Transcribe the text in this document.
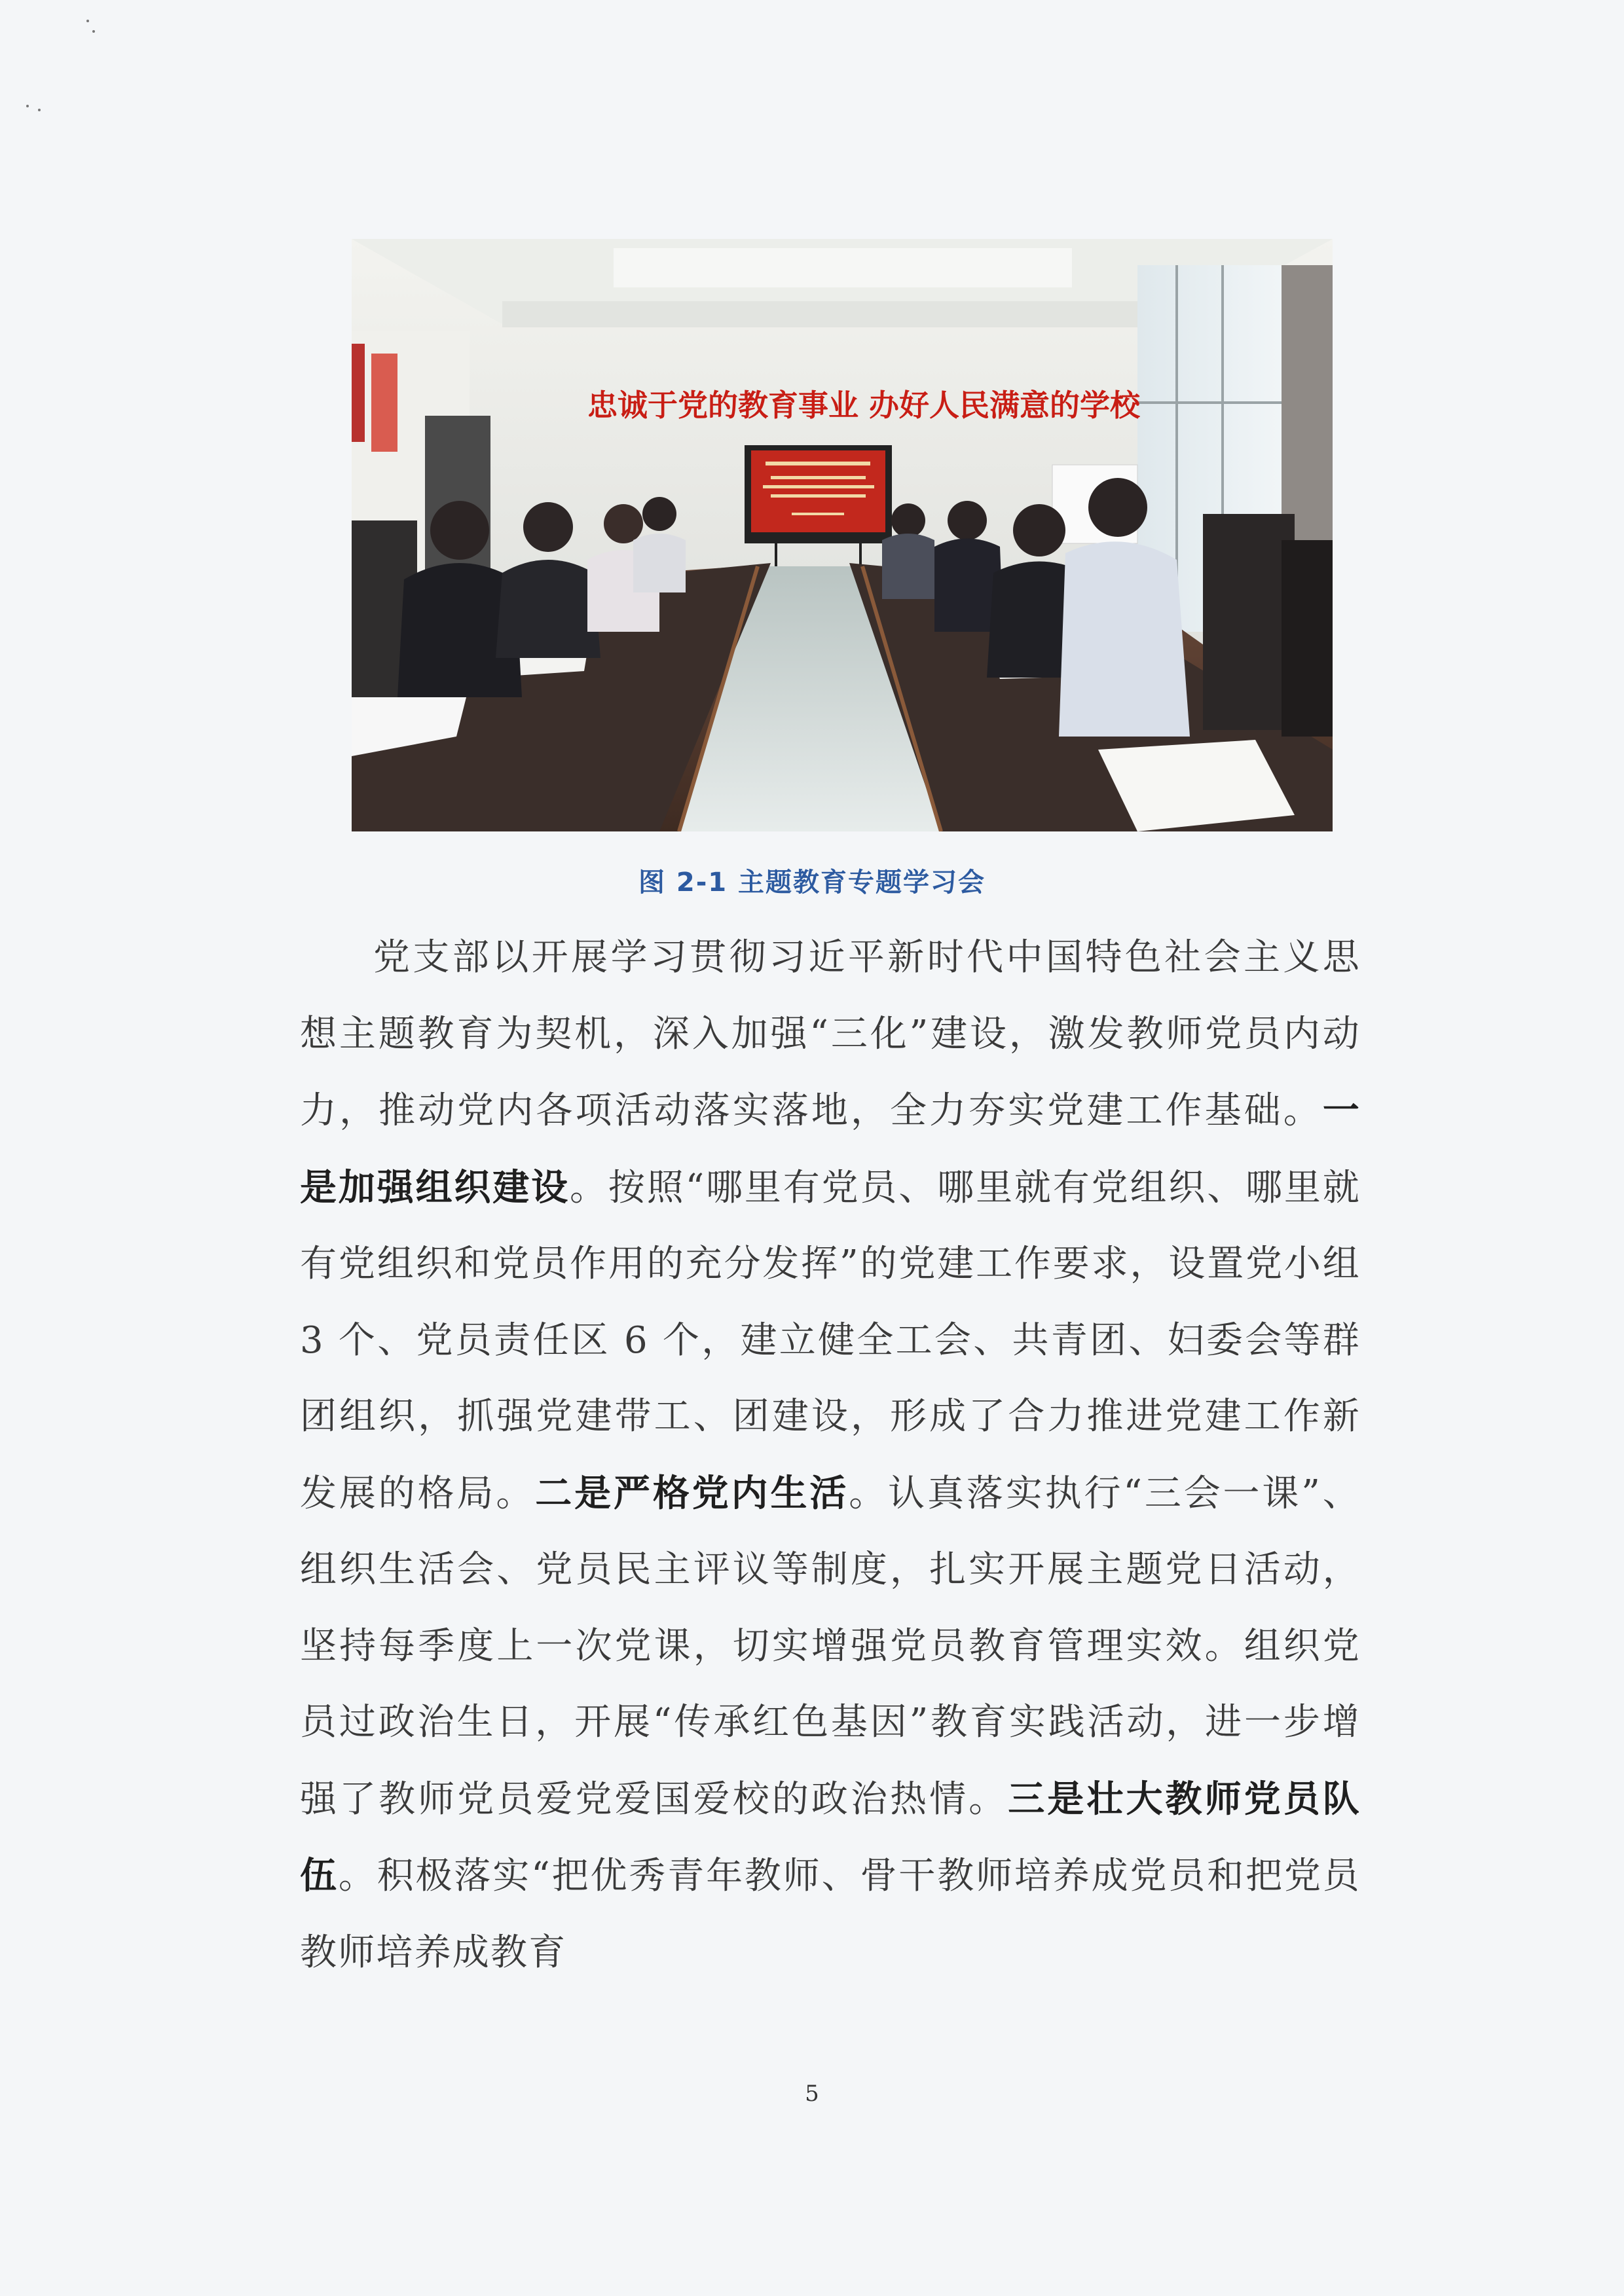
忠诚于党的教育事业 办好人民满意的学校
图 2-1 主题教育专题学习会

党支部以开展学习贯彻习近平新时代中国特色社会主义思想主题教育为契机，深入加强“三化”建设，激发教师党员内动力，推动党内各项活动落实落地，全力夯实党建工作基础。一是加强组织建设。按照“哪里有党员、哪里就有党组织、哪里就有党组织和党员作用的充分发挥”的党建工作要求，设置党小组 3 个、党员责任区 6 个，建立健全工会、共青团、妇委会等群团组织，抓强党建带工、团建设，形成了合力推进党建工作新发展的格局。二是严格党内生活。认真落实执行“三会一课”、组织生活会、党员民主评议等制度，扎实开展主题党日活动，坚持每季度上一次党课，切实增强党员教育管理实效。组织党员过政治生日，开展“传承红色基因”教育实践活动，进一步增强了教师党员爱党爱国爱校的政治热情。三是壮大教师党员队伍。积极落实“把优秀青年教师、骨干教师培养成党员和把党员教师培养成教育

5
